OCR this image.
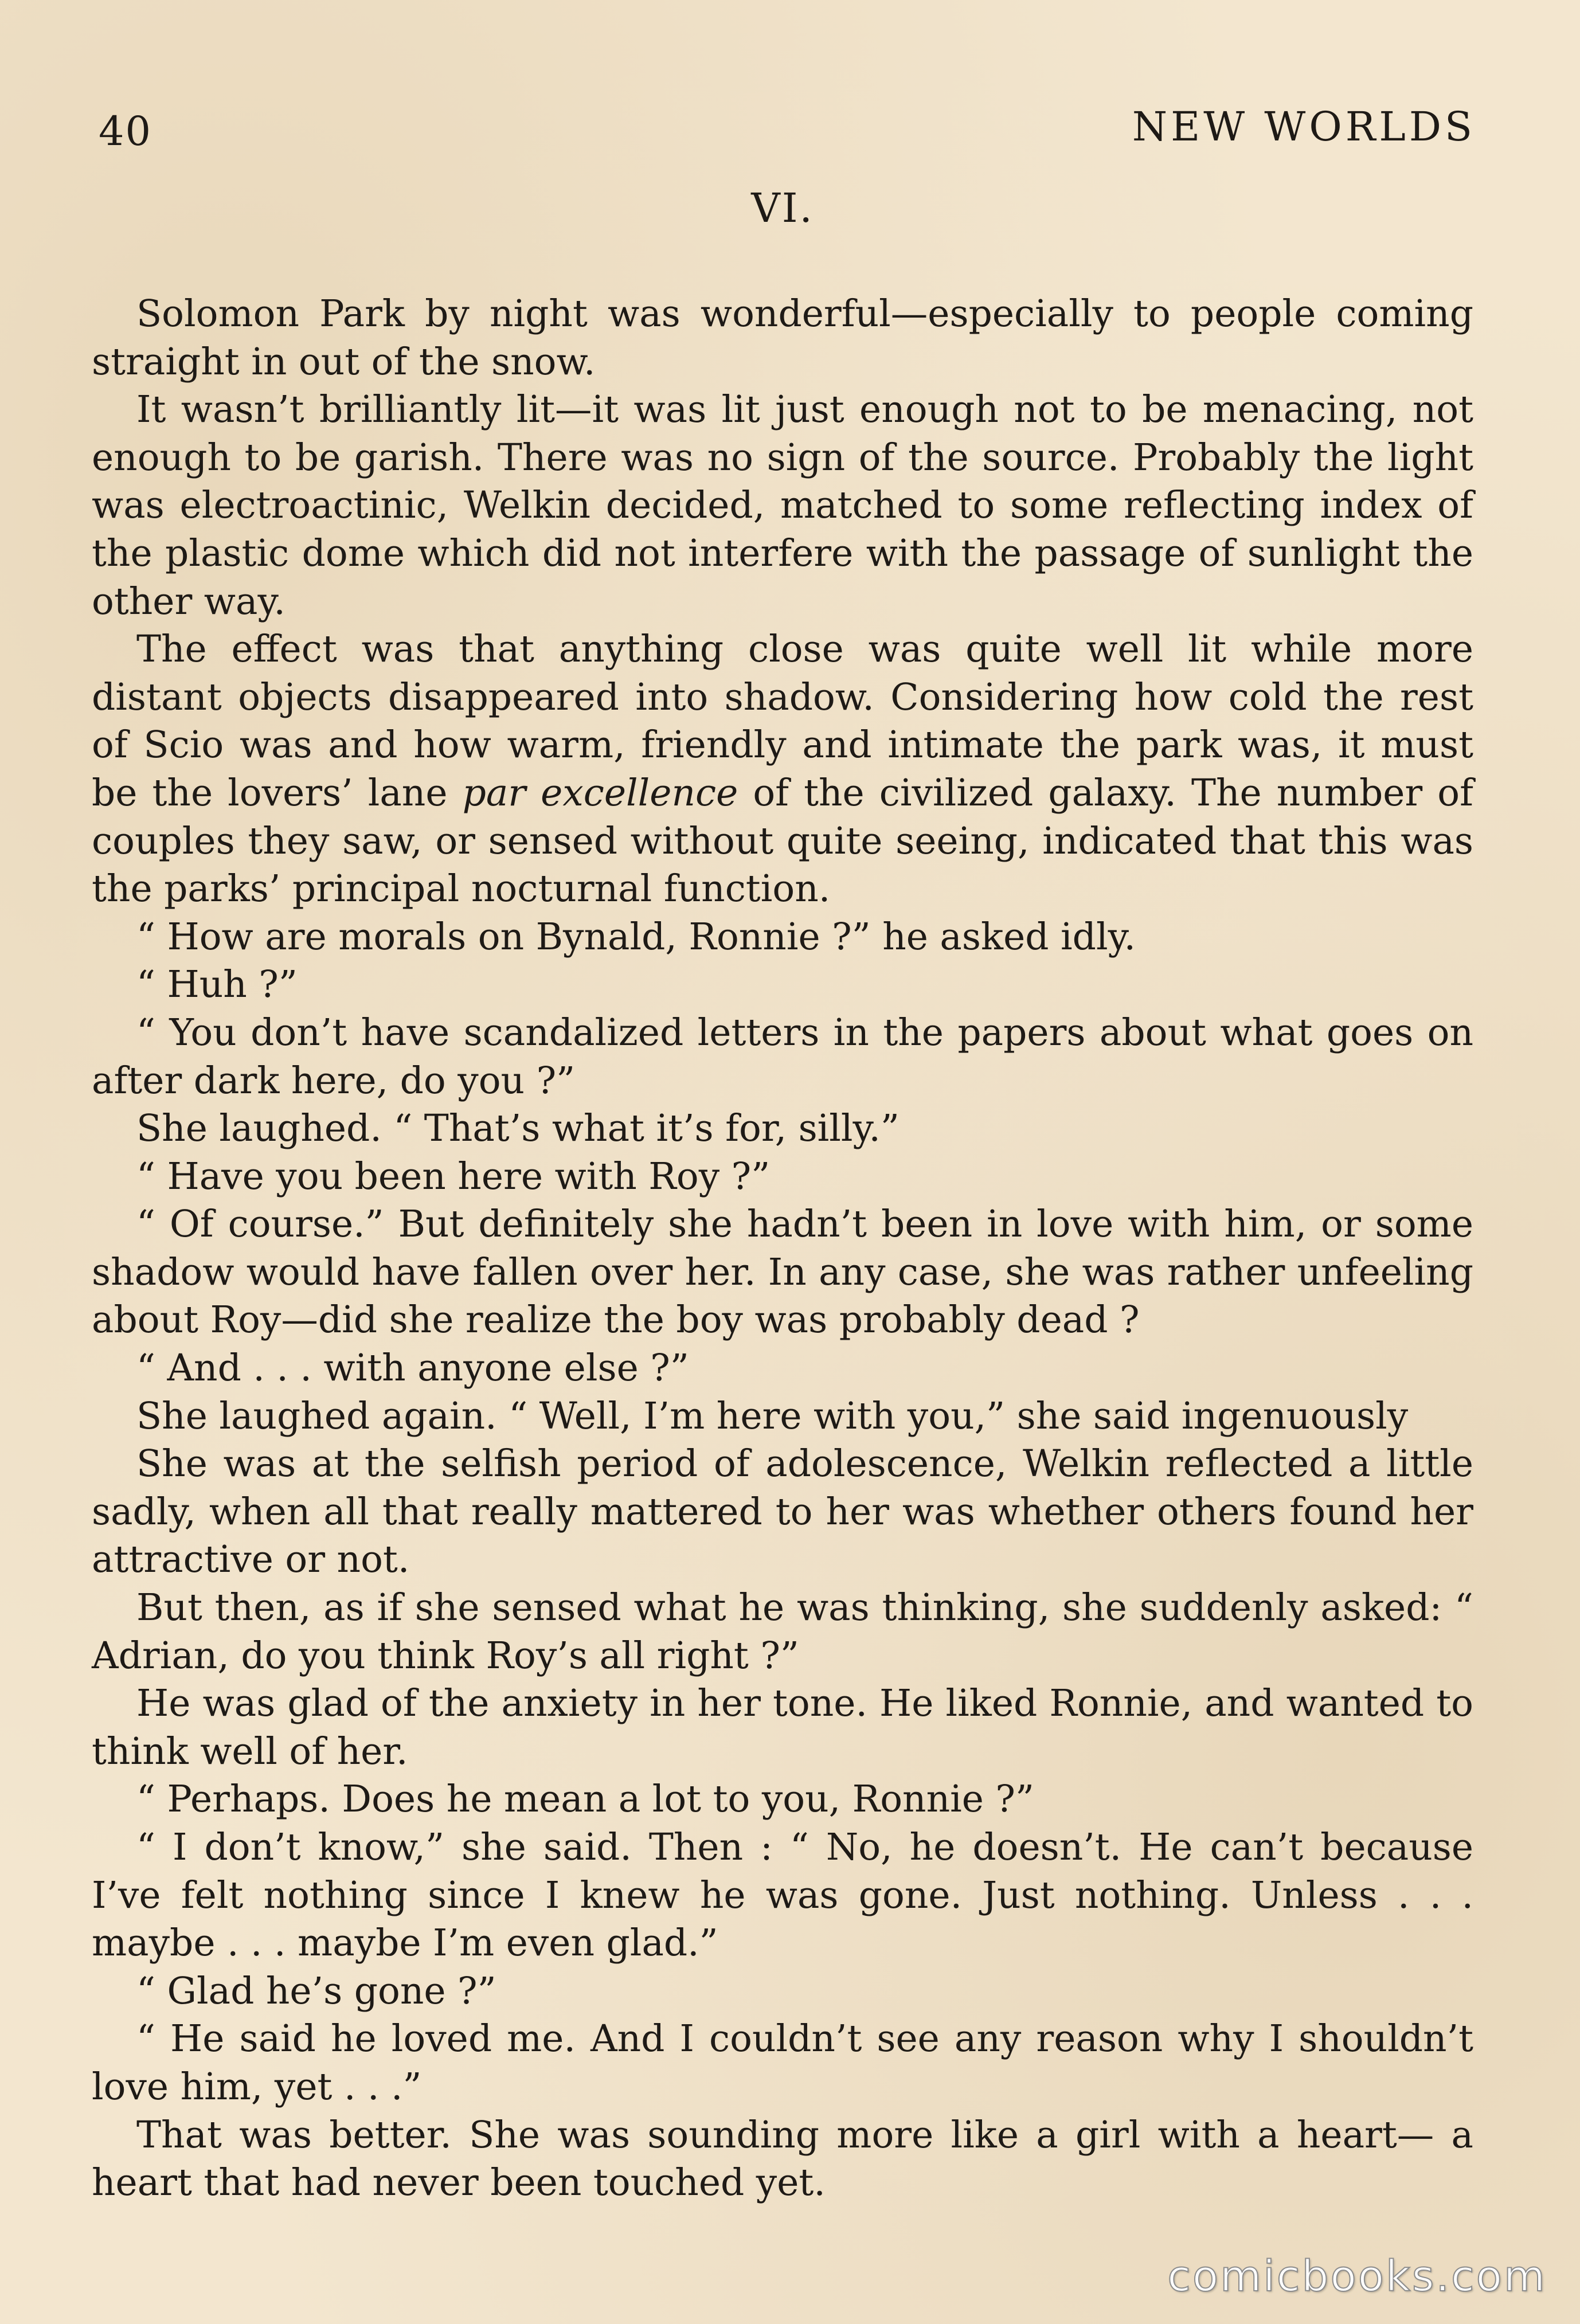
40	NEW WORLDS
VI.

Solomon Park by night was wonderful—especially to people coming straight in out of the snow.

It wasn’t brilliantly lit—it was lit just enough not to be menacing, not enough to be garish. There was no sign of the source. Probably the light was electroactinic, Welkin decided, matched to some reflecting index of the plastic dome which did not interfere with the passage of sunlight the other way.

The effect was that anything close was quite well lit while more distant objects disappeared into shadow. Considering how cold the rest of Scio was and how warm, friendly and intimate the park was, it must be the lovers’ lane par excellence of the civilized galaxy. The number of couples they saw, or sensed without quite seeing, indicated that this was the parks’ principal nocturnal function.

“ How are morals on Bynald, Ronnie ?” he asked idly.

“ Huh ?”

“ You don’t have scandalized letters in the papers about what goes on after dark here, do you ?”

She laughed. “ That’s what it’s for, silly.”

“ Have you been here with Roy ?”

“ Of course.” But definitely she hadn’t been in love with him, or some shadow would have fallen over her. In any case, she was rather unfeeling about Roy—did she realize the boy was probably dead ?

“ And . . . with anyone else ?”

She laughed again. “ Well, I’m here with you,” she said ingenuously

She was at the selfish period of adolescence, Welkin reflected a little sadly, when all that really mattered to her was whether others found her attractive or not.

But then, as if she sensed what he was thinking, she suddenly asked: “ Adrian, do you think Roy’s all right ?”

He was glad of the anxiety in her tone. He liked Ronnie, and wanted to think well of her.

“ Perhaps. Does he mean a lot to you, Ronnie ?”

“ I don’t know,” she said. Then : “ No, he doesn’t. He can’t because I’ve felt nothing since I knew he was gone. Just nothing. Unless . . . maybe . . . maybe I’m even glad.”

“ Glad he’s gone ?”

“ He said he loved me. And I couldn’t see any reason why I shouldn’t love him, yet . . .”

That was better. She was sounding more like a girl with a heart— a heart that had never been touched yet.

comicbooks.com
